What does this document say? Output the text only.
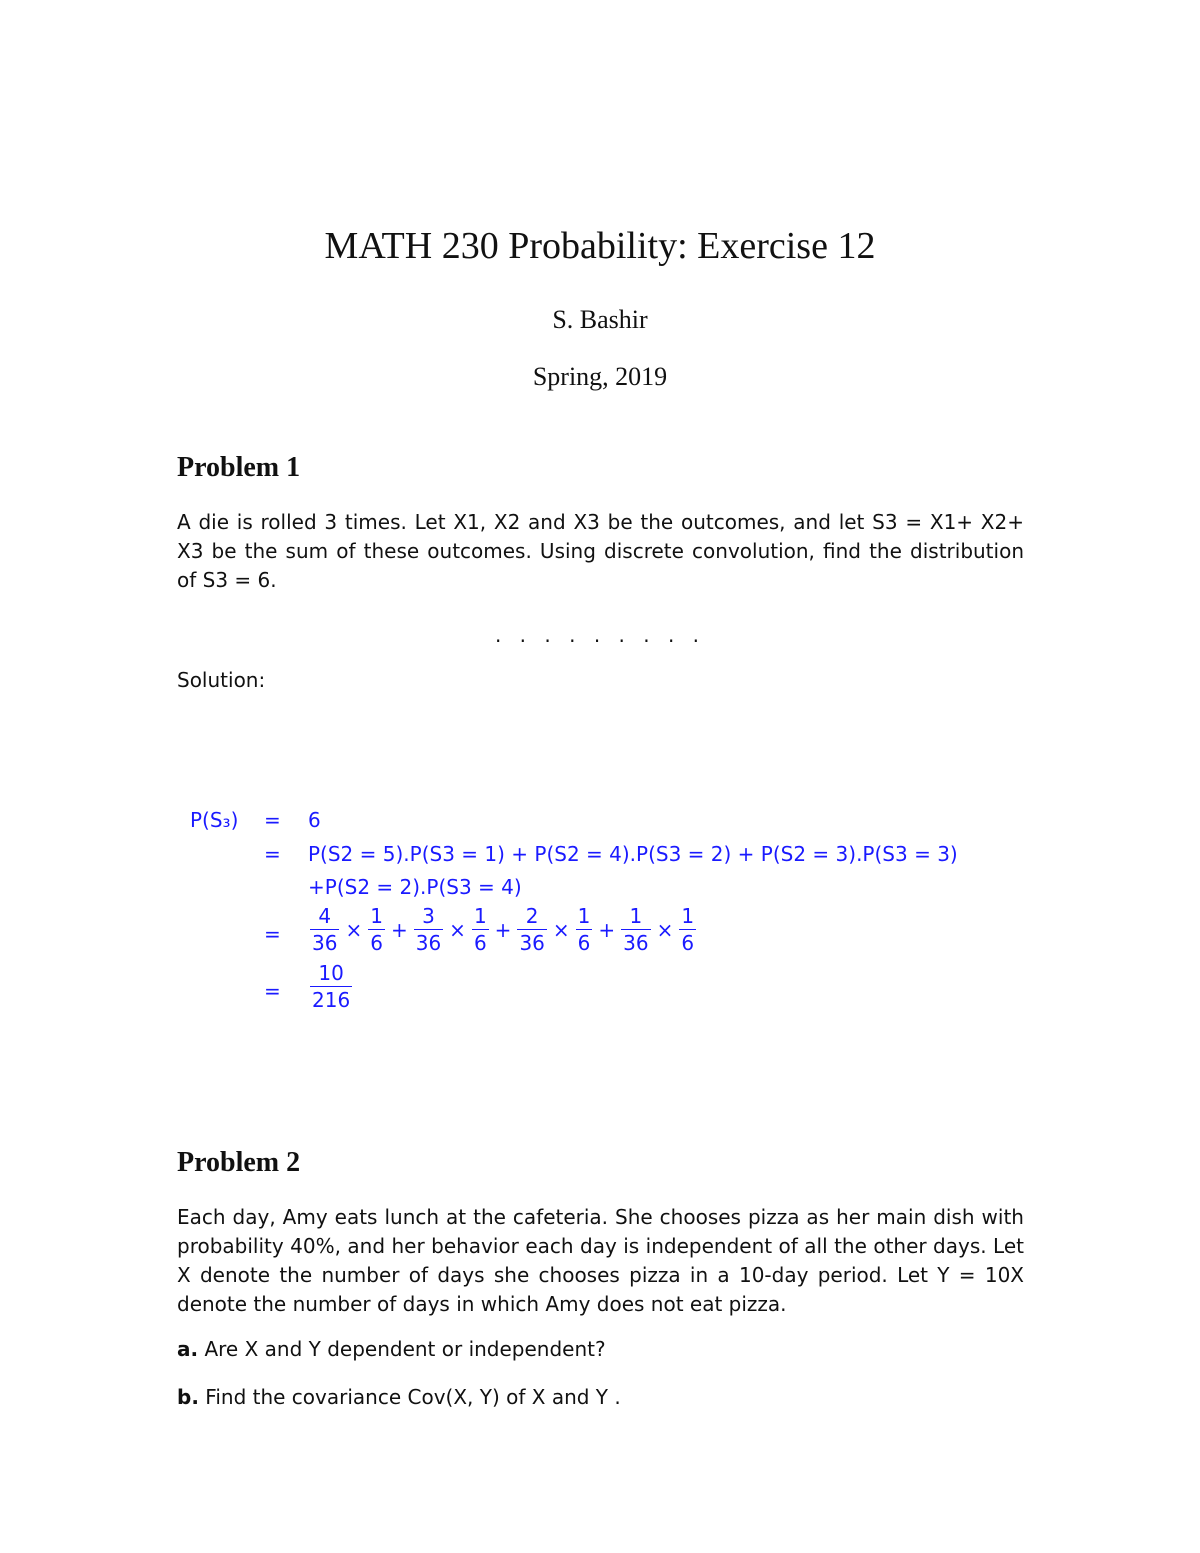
MATH 230 Probability: Exercise 12
S. Bashir
Spring, 2019
Problem 1
A die is rolled 3 times. Let X1, X2 and X3 be the outcomes, and let S3 = X1+ X2+
X3 be the sum of these outcomes. Using discrete convolution, find the distribution
of S3 = 6.
. . . . . . . . .
Solution:
P(S₃) = 6
= P(S2 = 5).P(S3 = 1) + P(S2 = 4).P(S3 = 2) + P(S2 = 3).P(S3 = 3)
+P(S2 = 2).P(S3 = 4)
= $\frac{4}{36} \times \frac{1}{6} + \frac{3}{36} \times \frac{1}{6} + \frac{2}{36} \times \frac{1}{6} + \frac{1}{36} \times \frac{1}{6}$
= $\frac{10}{216}$
Problem 2
Each day, Amy eats lunch at the cafeteria. She chooses pizza as her main dish with
probability 40%, and her behavior each day is independent of all the other days. Let
X denote the number of days she chooses pizza in a 10-day period. Let Y = 10X
denote the number of days in which Amy does not eat pizza.
a. Are X and Y dependent or independent?
b. Find the covariance Cov(X, Y) of X and Y .
